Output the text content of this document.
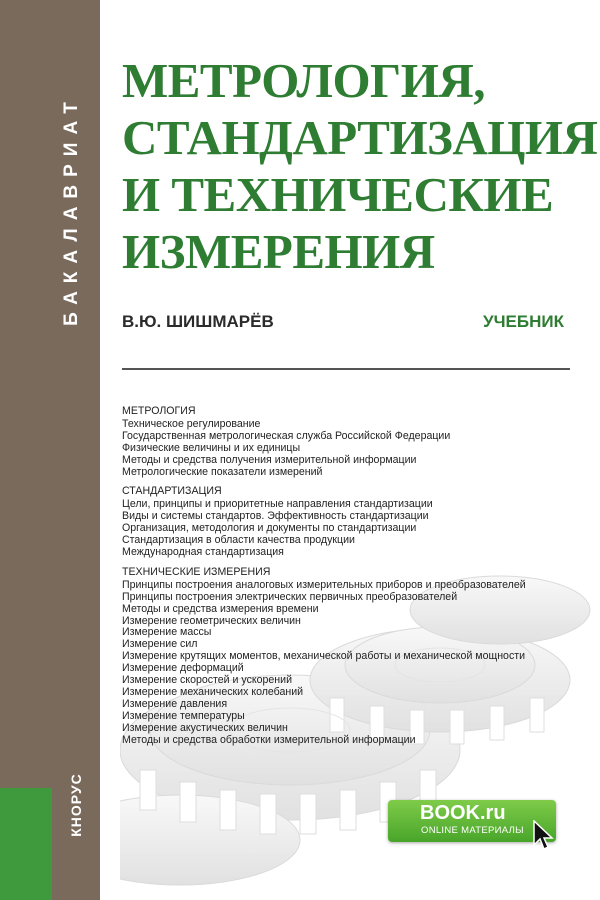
БАКАЛАВРИАТ
КНОРУС
МЕТРОЛОГИЯ,
СТАНДАРТИЗАЦИЯ
И ТЕХНИЧЕСКИЕ
ИЗМЕРЕНИЯ
В.Ю. ШИШМАРЁВ	УЧЕБНИК
МЕТРОЛОГИЯ
Техническое регулирование
Государственная метрологическая служба Российской Федерации
Физические величины и их единицы
Методы и средства получения измерительной информации
Метрологические показатели измерений
СТАНДАРТИЗАЦИЯ
Цели, принципы и приоритетные направления стандартизации
Виды и системы стандартов. Эффективность стандартизации
Организация, методология и документы по стандартизации
Стандартизация в области качества продукции
Международная стандартизация
ТЕХНИЧЕСКИЕ ИЗМЕРЕНИЯ
Принципы построения аналоговых измерительных приборов и преобразователей
Принципы построения электрических первичных преобразователей
Методы и средства измерения времени
Измерение геометрических величин
Измерение массы
Измерение сил
Измерение крутящих моментов, механической работы и механической мощности
Измерение деформаций
Измерение скоростей и ускорений
Измерение механических колебаний
Измерение давления
Измерение температуры
Измерение акустических величин
Методы и средства обработки измерительной информации
BOOK.ru
ONLINE МАТЕРИАЛЫ
